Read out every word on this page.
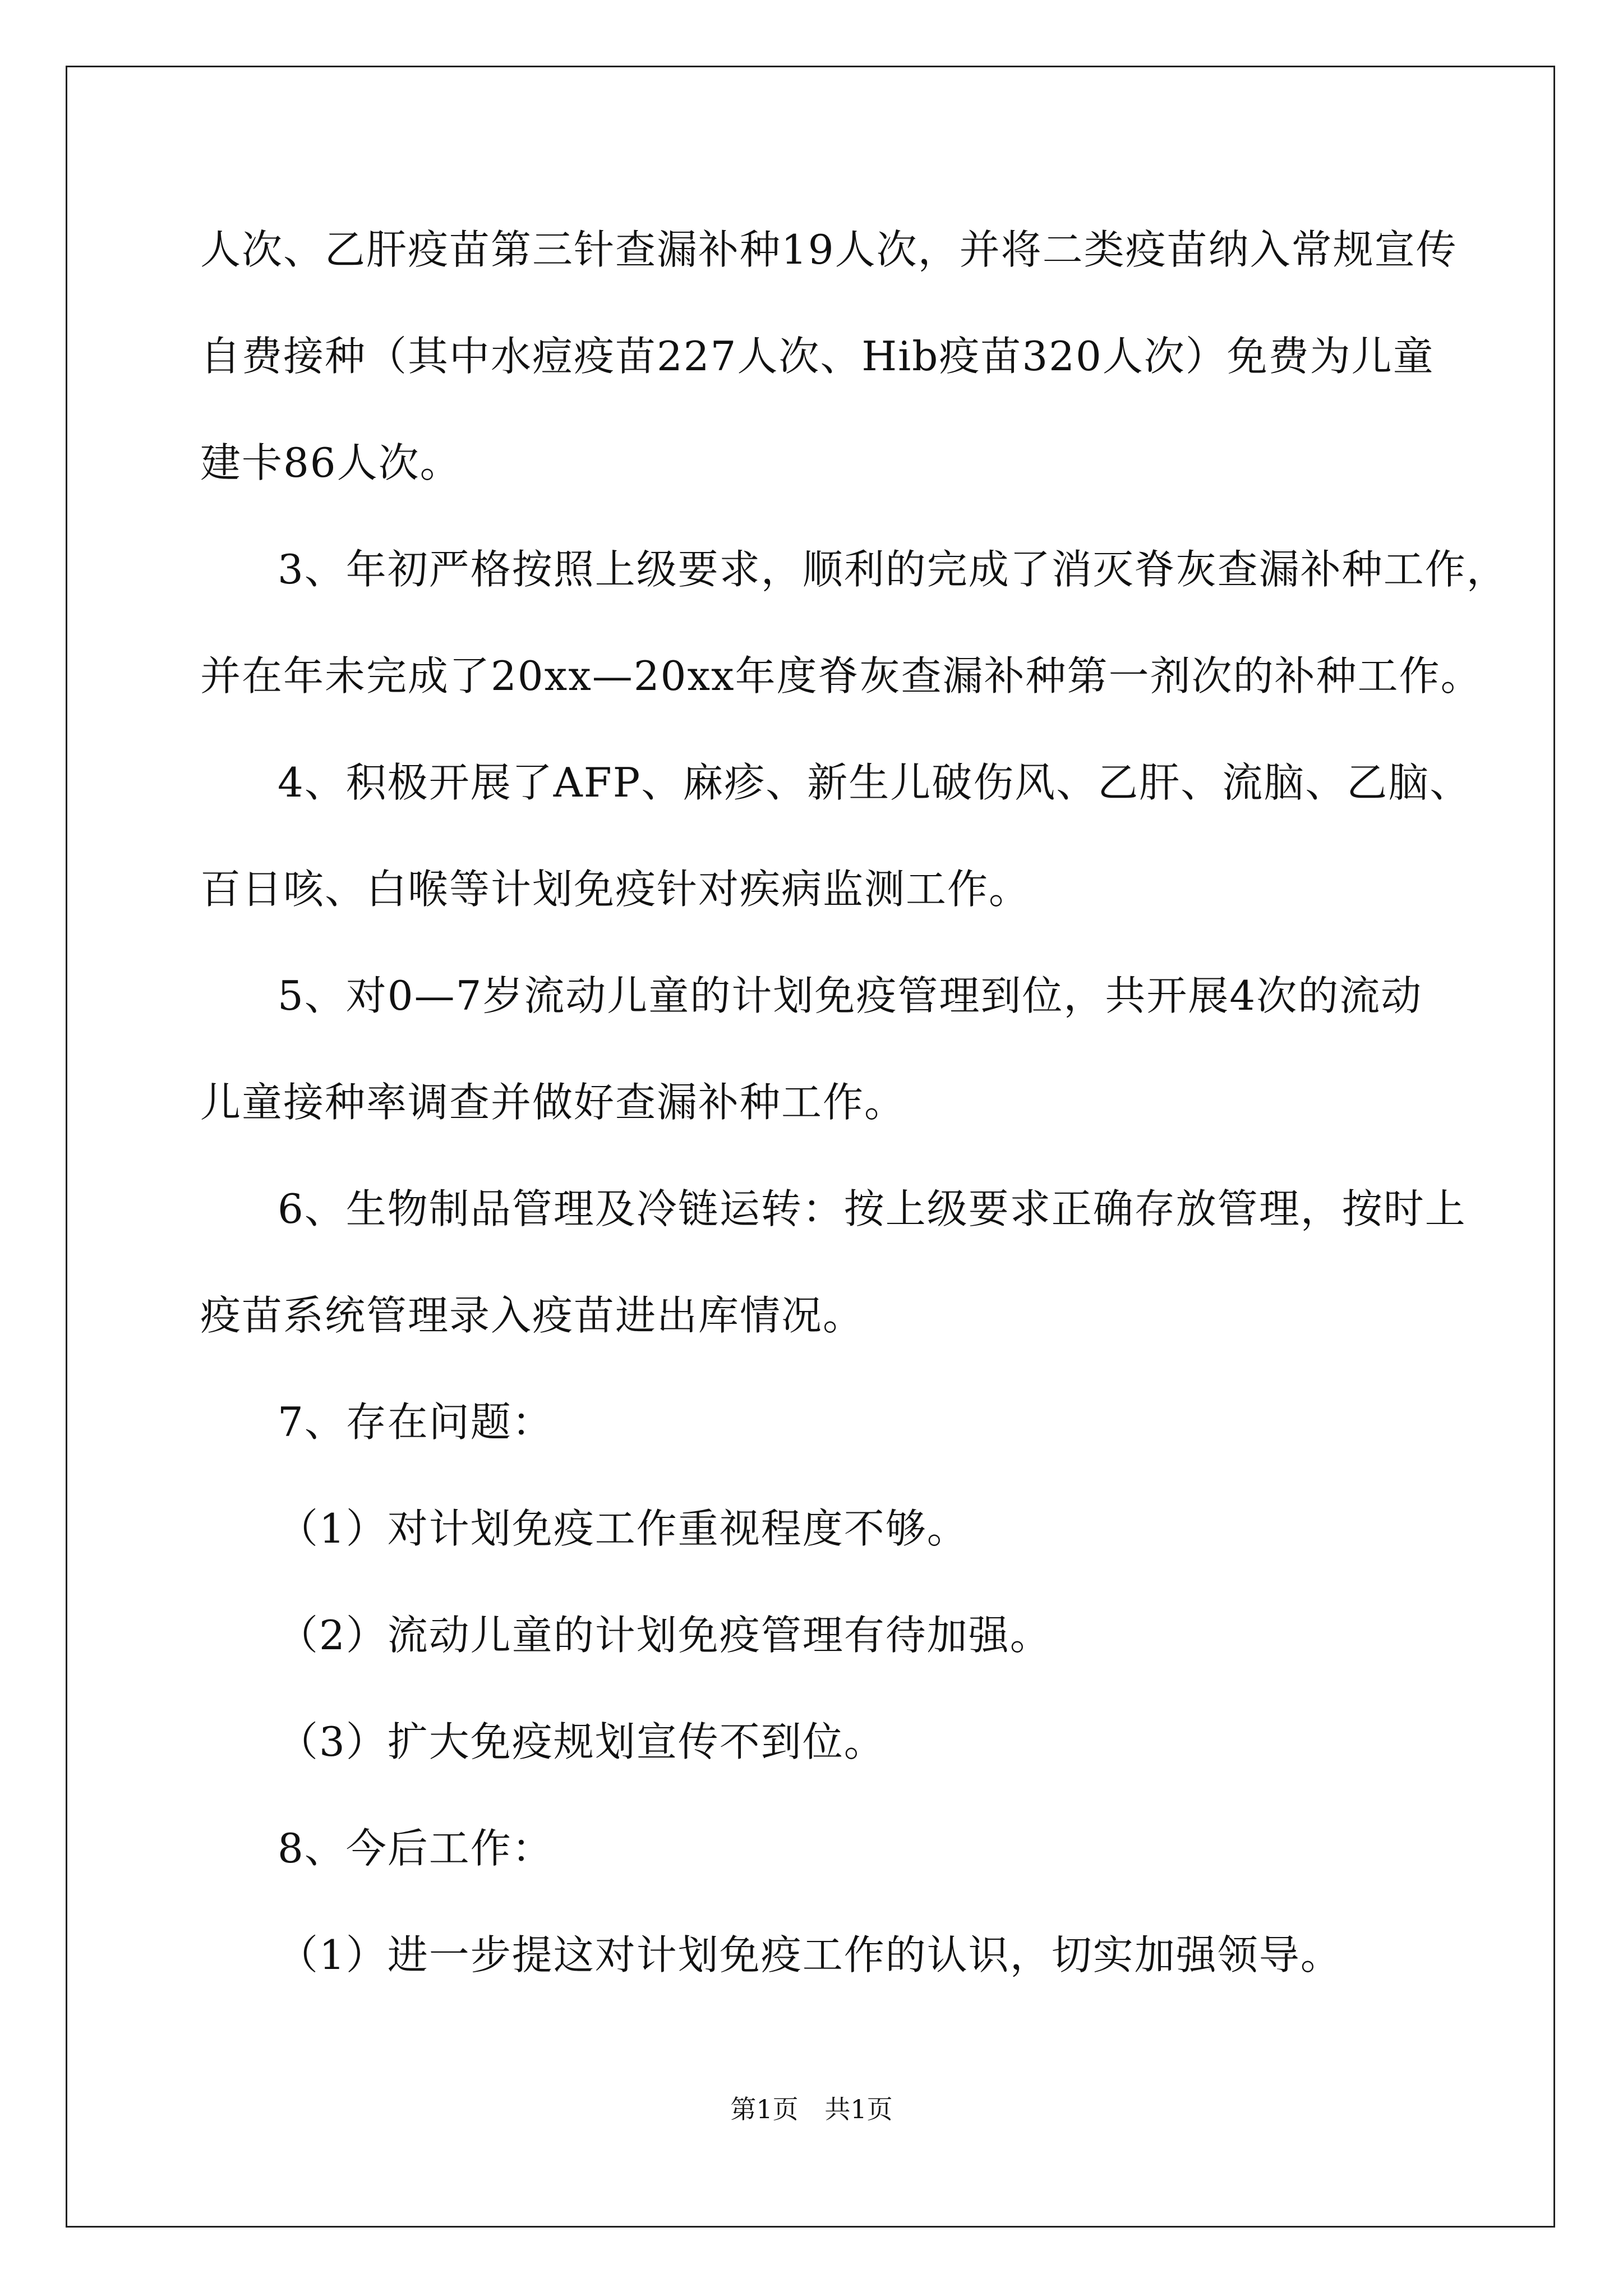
人次、乙肝疫苗第三针查漏补种19人次，并将二类疫苗纳入常规宣传
自费接种（其中水痘疫苗227人次、Hib疫苗320人次）免费为儿童
建卡86人次。
3、年初严格按照上级要求，顺利的完成了消灭脊灰查漏补种工作，
并在年未完成了20xx—20xx年度脊灰查漏补种第一剂次的补种工作。
4、积极开展了AFP、麻疹、新生儿破伤风、乙肝、流脑、乙脑、
百日咳、白喉等计划免疫针对疾病监测工作。
5、对0—7岁流动儿童的计划免疫管理到位，共开展4次的流动
儿童接种率调查并做好查漏补种工作。
6、生物制品管理及冷链运转：按上级要求正确存放管理，按时上
疫苗系统管理录入疫苗进出库情况。
7、存在问题：
（1）对计划免疫工作重视程度不够。
（2）流动儿童的计划免疫管理有待加强。
（3）扩大免疫规划宣传不到位。
8、今后工作：
（1）进一步提这对计划免疫工作的认识，切实加强领导。
第1页 共1页
